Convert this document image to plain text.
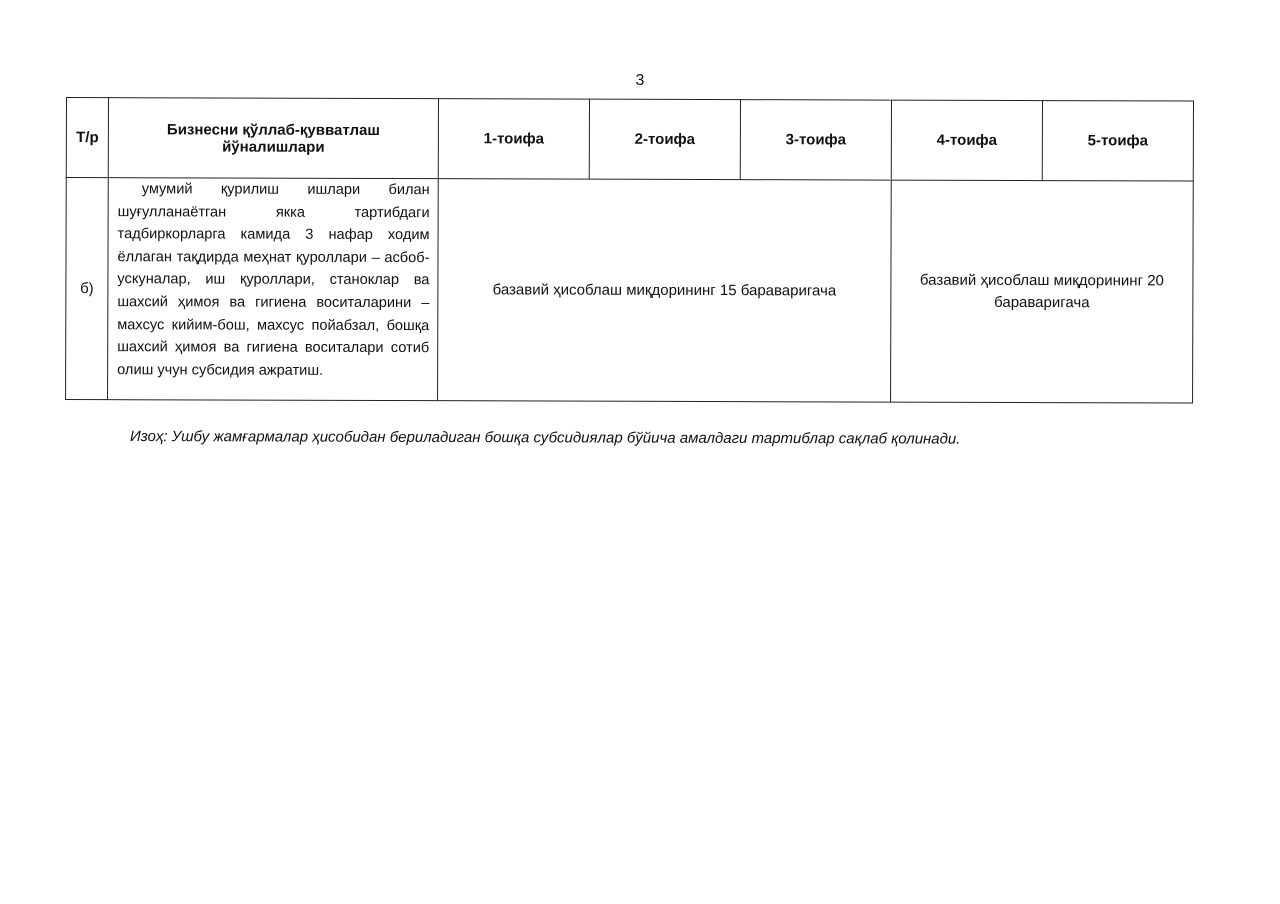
3
Т/р	Бизнесни қўллаб-қувватлаш йўналишлари	1-тоифа	2-тоифа	3-тоифа	4-тоифа	5-тоифа
б)	умумий қурилиш ишлари билан шуғулланаётган якка тартибдаги тадбиркорларга камида 3 нафар ходим ёллаган тақдирда меҳнат қуроллари – асбоб-ускуналар, иш қуроллари, станоклар ва шахсий ҳимоя ва гигиена воситаларини – махсус кийим-бош, махсус пойабзал, бошқа шахсий ҳимоя ва гигиена воситалари сотиб олиш учун субсидия ажратиш.	базавий ҳисоблаш миқдорининг 15 бараваригача			базавий ҳисоблаш миқдорининг 20 бараваригача	
Изоҳ: Ушбу жамғармалар ҳисобидан бериладиган бошқа субсидиялар бўйича амалдаги тартиблар сақлаб қолинади.
